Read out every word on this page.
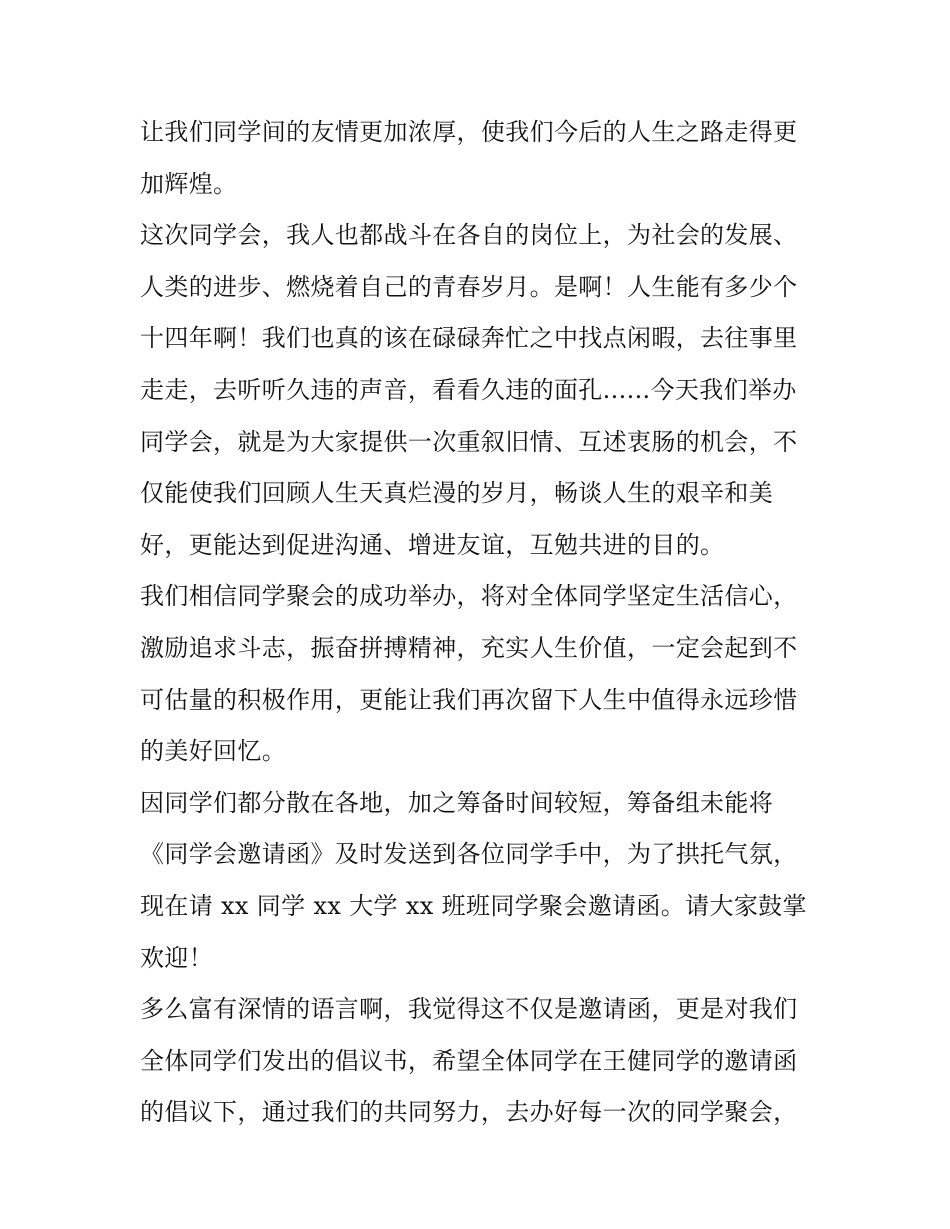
让我们同学间的友情更加浓厚，使我们今后的人生之路走得更
加辉煌。
这次同学会，我人也都战斗在各自的岗位上，为社会的发展、
人类的进步、燃烧着自己的青春岁月。是啊！人生能有多少个
十四年啊！我们也真的该在碌碌奔忙之中找点闲暇，去往事里
走走，去听听久违的声音，看看久违的面孔......今天我们举办
同学会，就是为大家提供一次重叙旧情、互述衷肠的机会，不
仅能使我们回顾人生天真烂漫的岁月，畅谈人生的艰辛和美
好，更能达到促进沟通、增进友谊，互勉共进的目的。
我们相信同学聚会的成功举办，将对全体同学坚定生活信心，
激励追求斗志，振奋拼搏精神，充实人生价值，一定会起到不
可估量的积极作用，更能让我们再次留下人生中值得永远珍惜
的美好回忆。
因同学们都分散在各地，加之筹备时间较短，筹备组未能将
《同学会邀请函》及时发送到各位同学手中，为了拱托气氛，
现在请 xx 同学 xx 大学 xx 班班同学聚会邀请函。请大家鼓掌
欢迎！
多么富有深情的语言啊，我觉得这不仅是邀请函，更是对我们
全体同学们发出的倡议书，希望全体同学在王健同学的邀请函
的倡议下，通过我们的共同努力，去办好每一次的同学聚会，
